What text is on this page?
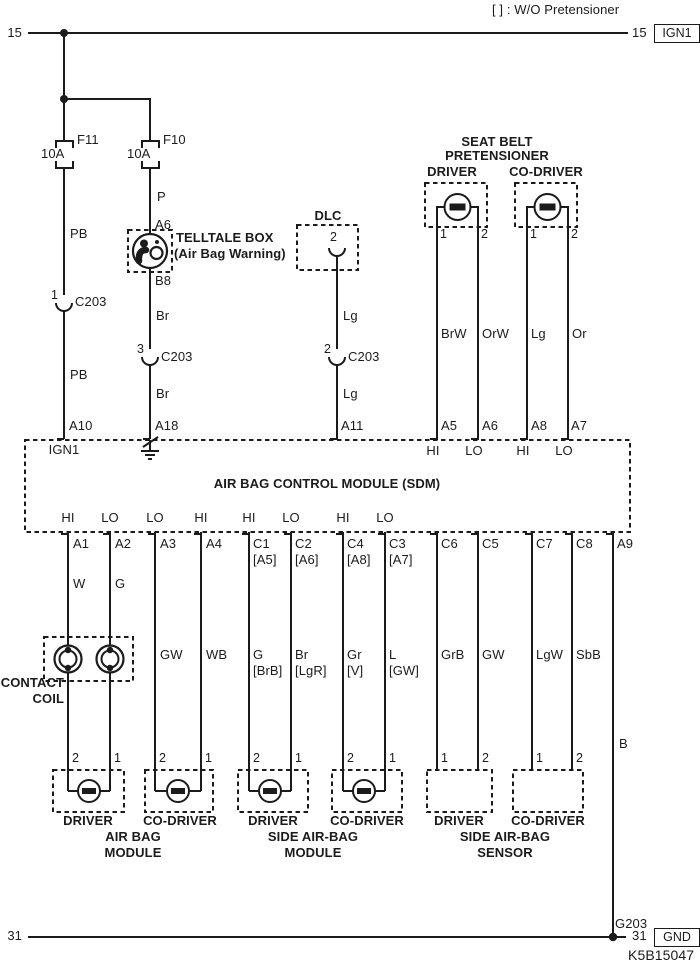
[ ] : W/O Pretensioner
15	15	IGN1
F11
10A
F10
10A
PB
1 C203
PB
A10
IGN1
P
A6
TELLTALE BOX
(Air Bag Warning)
B8
Br
3 C203
Br
A18
DLC
2
Lg
2 C203
Lg
A11
SEAT BELT
PRETENSIONER
DRIVER CO-DRIVER
1	2	1	2
BrW OrW Lg Or
A5 A6	A8 A7
HI LO	HI LO
AIR BAG CONTROL MODULE (SDM)
HI LO LO HI	HI LO	HI LO
A1 A2 A3 A4 C1 C2	C4 C3	C6 C5	C7 C8 A9
[A5] [A6] [A8] [A7]
W G
GW WB G Br	Gr L	GrB GW LgW SbB
[BrB] [LgR] [V] [GW]
B
CONTACT
COIL
2	1	2	1	2	1	2	1	1	2	1	2
DRIVER CO-DRIVER DRIVER CO-DRIVER DRIVER CO-DRIVER
AIR BAG
MODULE
SIDE AIR-BAG
MODULE
SIDE AIR-BAG
SENSOR
31
G203
31	GND
K5B15047
